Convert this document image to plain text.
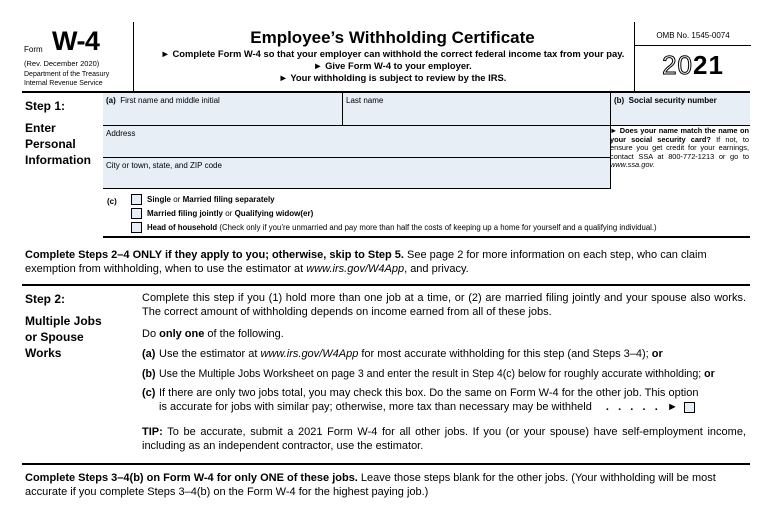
Form W-4
(Rev. December 2020)
Department of the Treasury
Internal Revenue Service
Employee’s Withholding Certificate
► Complete Form W-4 so that your employer can withhold the correct federal income tax from your pay.
► Give Form W-4 to your employer.
► Your withholding is subject to review by the IRS.
OMB No. 1545-0074
2021
Step 1:
Enter
Personal
Information
(a) First name and middle initial	Last name	(b) Social security number
Address
City or town, state, and ZIP code
► Does your name match the name on your social security card? If not, to ensure you get credit for your earnings, contact SSA at 800-772-1213 or go to www.ssa.gov.
(c)	Single or Married filing separately
Married filing jointly or Qualifying widow(er)
Head of household (Check only if you’re unmarried and pay more than half the costs of keeping up a home for yourself and a qualifying individual.)
Complete Steps 2–4 ONLY if they apply to you; otherwise, skip to Step 5. See page 2 for more information on each step, who can claim exemption from withholding, when to use the estimator at www.irs.gov/W4App, and privacy.
Step 2:
Multiple Jobs
or Spouse
Works
Complete this step if you (1) hold more than one job at a time, or (2) are married filing jointly and your spouse also works. The correct amount of withholding depends on income earned from all of these jobs.
Do only one of the following.
(a) Use the estimator at www.irs.gov/W4App for most accurate withholding for this step (and Steps 3–4); or
(b) Use the Multiple Jobs Worksheet on page 3 and enter the result in Step 4(c) below for roughly accurate withholding; or
(c) If there are only two jobs total, you may check this box. Do the same on Form W-4 for the other job. This option
is accurate for jobs with similar pay; otherwise, more tax than necessary may be withheld .   .   .   .   .   ►
TIP: To be accurate, submit a 2021 Form W-4 for all other jobs. If you (or your spouse) have self-employment income, including as an independent contractor, use the estimator.
Complete Steps 3–4(b) on Form W-4 for only ONE of these jobs. Leave those steps blank for the other jobs. (Your withholding will be most accurate if you complete Steps 3–4(b) on the Form W-4 for the highest paying job.)
